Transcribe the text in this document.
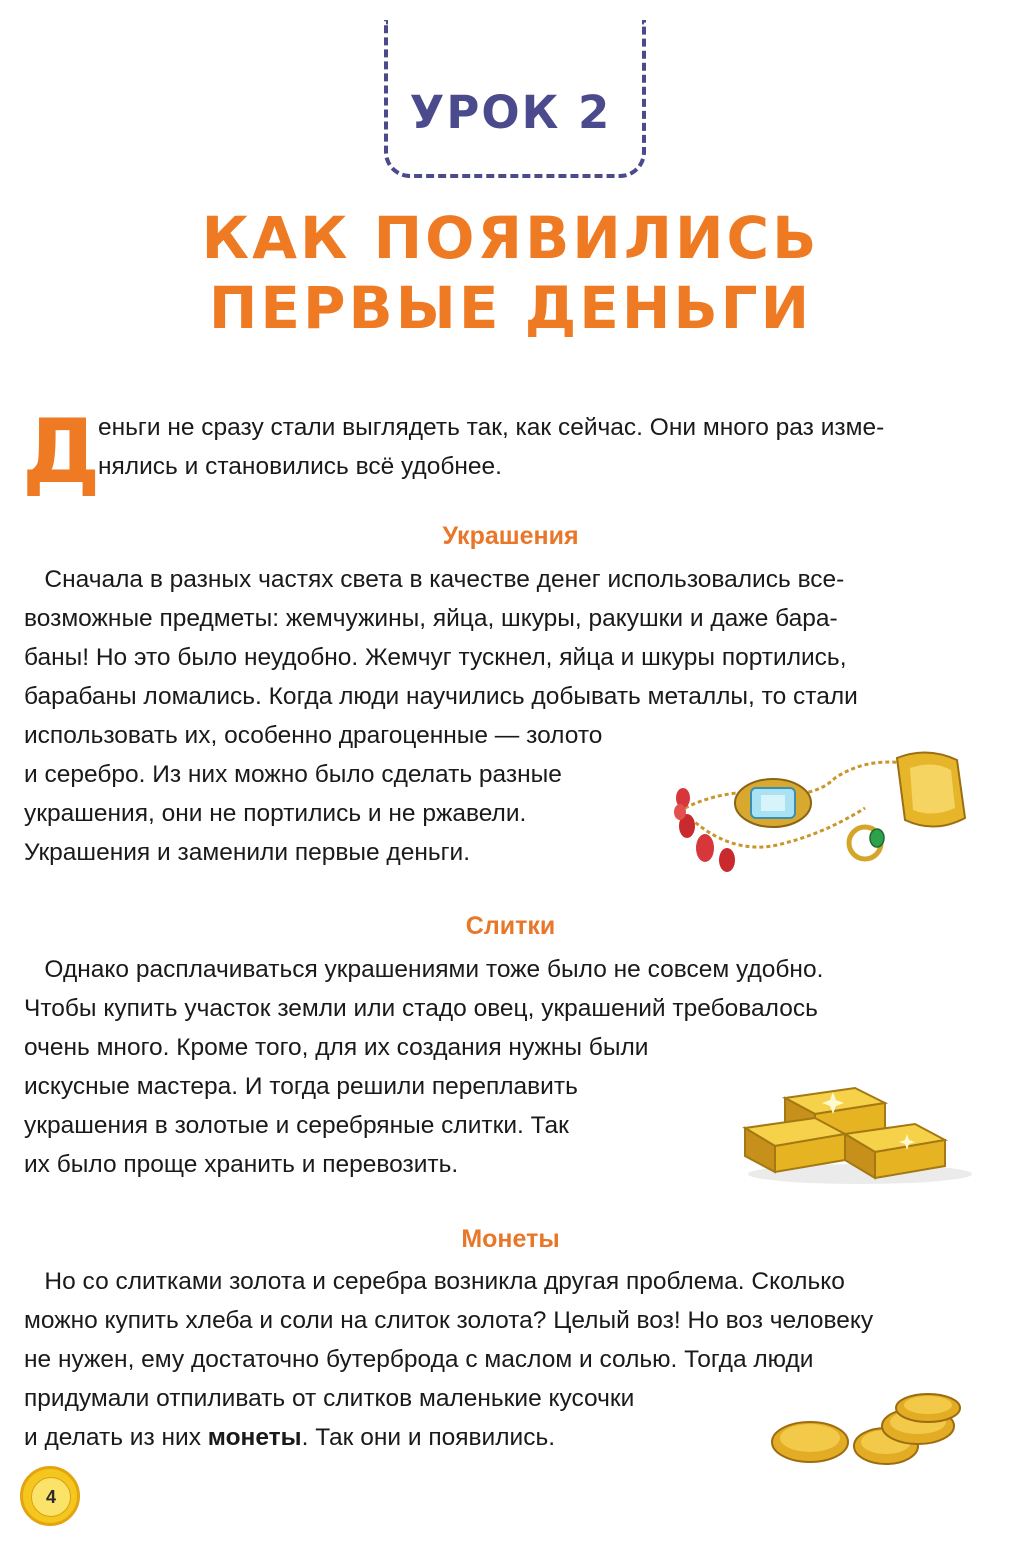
УРОК 2
КАК ПОЯВИЛИСЬ
ПЕРВЫЕ ДЕНЬГИ
Д

еньги не сразу стали выглядеть так, как сейчас. Они много раз изме-

нялись и становились всё удобнее.

Украшения

Сначала в разных частях света в качестве денег использовались все-

возможные предметы: жемчужины, яйца, шкуры, ракушки и даже бара-

баны! Но это было неудобно. Жемчуг тускнел, яйца и шкуры портились,

барабаны ломались. Когда люди научились добывать металлы, то стали

использовать их, особенно драгоценные — золото

и серебро. Из них можно было сделать разные

украшения, они не портились и не ржавели.

Украшения и заменили первые деньги.

Слитки

Однако расплачиваться украшениями тоже было не совсем удобно.

Чтобы купить участок земли или стадо овец, украшений требовалось

очень много. Кроме того, для их создания нужны были

искусные мастера. И тогда решили переплавить

украшения в золотые и серебряные слитки. Так

их было проще хранить и перевозить.

Монеты

Но со слитками золота и серебра возникла другая проблема. Сколько

можно купить хлеба и соли на слиток золота? Целый воз! Но воз человеку

не нужен, ему достаточно бутерброда с маслом и солью. Тогда люди

придумали отпиливать от слитков маленькие кусочки

и делать из них монеты. Так они и появились.

4
